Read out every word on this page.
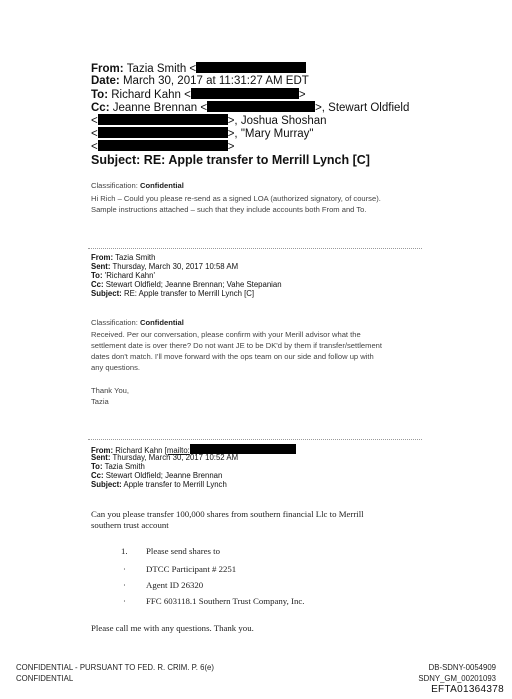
From: Tazia Smith <
Date: March 30, 2017 at 11:31:27 AM EDT
To: Richard Kahn <	>
Cc: Jeanne Brennan <	>, Stewart Oldfield
<	>, Joshua Shoshan
<	>, "Mary Murray"
<	>
Subject: RE: Apple transfer to Merrill Lynch [C]
Classification: Confidential
Hi Rich – Could you please re-send as a signed LOA (authorized signatory, of course).
Sample instructions attached – such that they include accounts both From and To.
From: Tazia Smith
Sent: Thursday, March 30, 2017 10:58 AM
To: 'Richard Kahn'
Cc: Stewart Oldfield; Jeanne Brennan; Vahe Stepanian
Subject: RE: Apple transfer to Merrill Lynch [C]
Classification: Confidential
Received. Per our conversation, please confirm with your Merill advisor what the
settlement date is over there? Do not want JE to be DK'd by them if transfer/settlement
dates don't match. I'll move forward with the ops team on our side and follow up with
any questions.
Thank You,
Tazia
From: Richard Kahn [mailto:
Sent: Thursday, March 30, 2017 10:52 AM
To: Tazia Smith
Cc: Stewart Oldfield; Jeanne Brennan
Subject: Apple transfer to Merrill Lynch
Can you please transfer 100,000 shares from southern financial Llc to Merrill
southern trust account
1. Please send shares to
· DTCC Participant # 2251
· Agent ID 26320
· FFC 603118.1 Southern Trust Company, Inc.
Please call me with any questions. Thank you.
CONFIDENTIAL - PURSUANT TO FED. R. CRIM. P. 6(e)
CONFIDENTIAL
DB-SDNY-0054909
SDNY_GM_00201093
EFTA01364378
